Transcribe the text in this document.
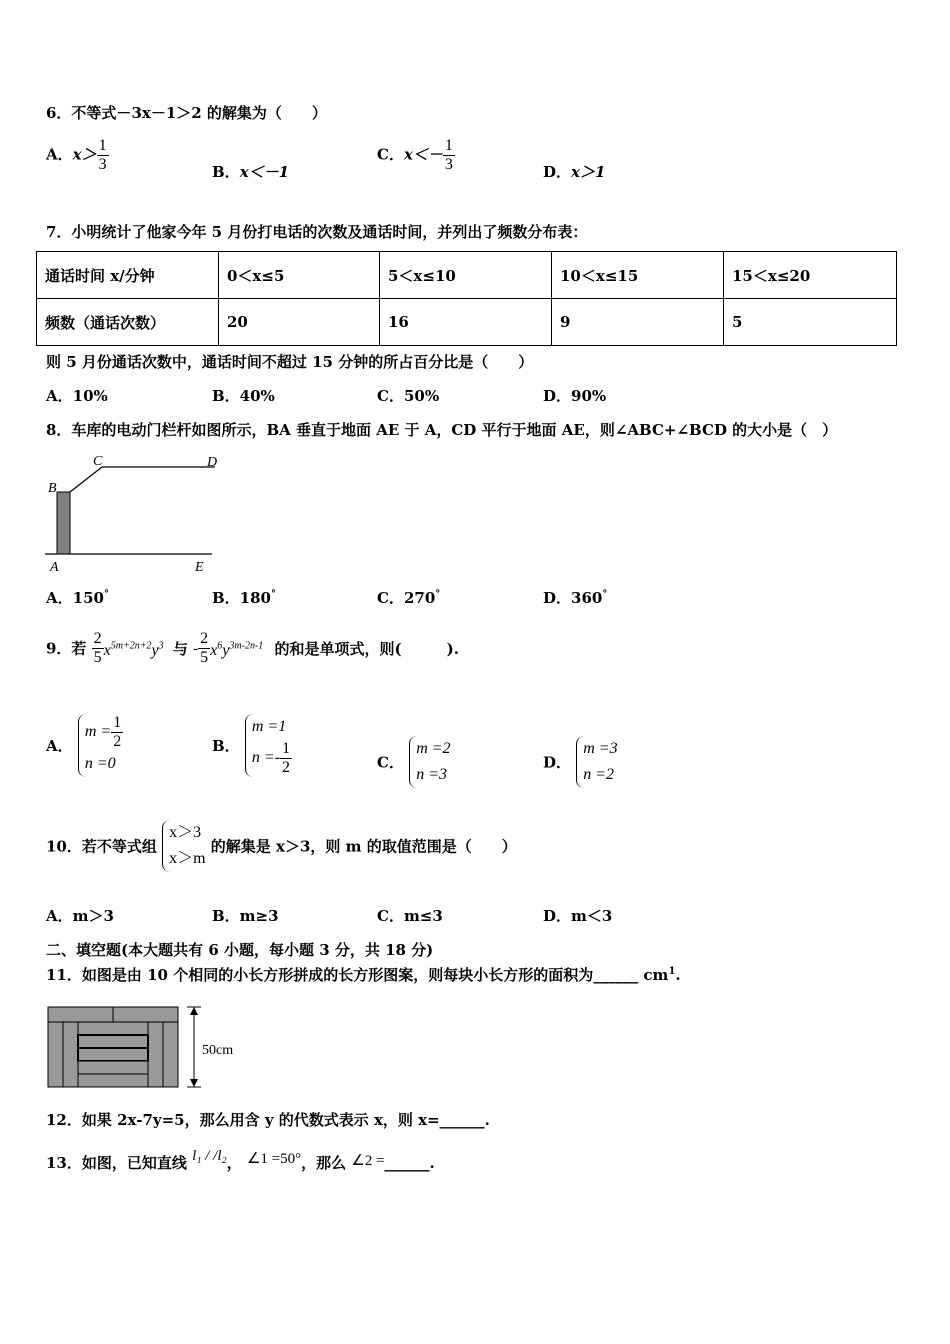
6．不等式－3x－1＞2 的解集为（　　）
A．$x> \frac{1}{3}$	B．x＜－1
C．$x<- \frac{1}{3}$	D．x＞1
7．小明统计了他家今年 5 月份打电话的次数及通话时间，并列出了频数分布表：
通话时间 x/分钟	0＜x≤5	5＜x≤10	10＜x≤15	15＜x≤20
频数（通话次数）	20	16	9	5
则 5 月份通话次数中，通话时间不超过 15 分钟的所占百分比是（　　）
A．10%	B．40%	C．50%	D．90%
8．车库的电动门栏杆如图所示，BA 垂直于地面 AE 于 A，CD 平行于地面 AE，则∠ABC+∠BCD 的大小是（　）
B
C	D
A	E
A．150°	B．180°	C．270°	D．360°
9．若 $\frac{2}{5} x^{5m+2n+2}y^3$ 与 - $\frac{2}{5} x^6y^{3m-2n-1}$ 的和是单项式，则(　　　).
A．
$m = \frac{1}{2}$
n =0
B．
m =1
$n =- \frac{1}{2}$	C．
m =2
n =3
D．
m =3
n =2
10．若不等式组
x＞3
x＞m
的解集是 x＞3，则 m 的取值范围是（　　）
A．m＞3	B．m≥3	C．m≤3	D．m＜3
二、填空题(本大题共有 6 小题，每小题 3 分，共 18 分)
11．如图是由 10 个相同的小长方形拼成的长方形图案，则每块小长方形的面积为______ $cm^1$.
50cm
12．如果 2x-7y=5，那么用含 y 的代数式表示 x，则 x=______.
13．如图，已知直线 l₁ / /l₂， ∠1 =50°，那么 ∠2 =______.
